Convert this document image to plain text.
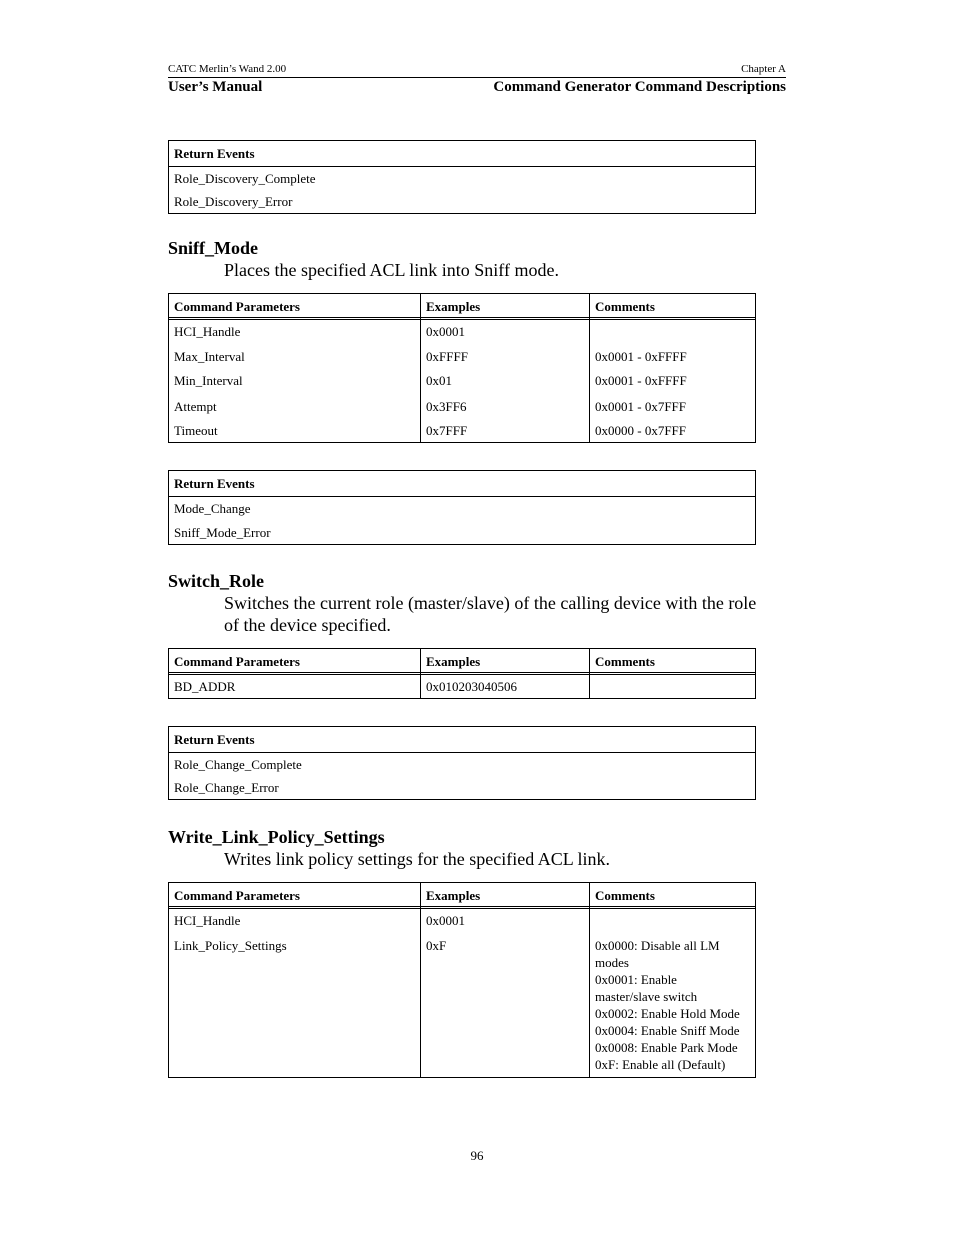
CATC Merlin’s Wand 2.00	Chapter A
User’s Manual	Command Generator Command Descriptions
Return Events
Role_Discovery_Complete
Role_Discovery_Error
Sniff_Mode
Places the specified ACL link into Sniff mode.
Command Parameters	Examples	Comments
HCI_Handle	0x0001
Max_Interval	0xFFFF	0x0001 - 0xFFFF
Min_Interval	0x01	0x0001 - 0xFFFF
Attempt	0x3FF6	0x0001 - 0x7FFF
Timeout	0x7FFF	0x0000 - 0x7FFF
Return Events
Mode_Change
Sniff_Mode_Error
Switch_Role
Switches the current role (master/slave) of the calling device with the role
of the device specified.
Command Parameters	Examples	Comments
BD_ADDR	0x010203040506
Return Events
Role_Change_Complete
Role_Change_Error
Write_Link_Policy_Settings
Writes link policy settings for the specified ACL link.
Command Parameters	Examples	Comments
HCI_Handle	0x0001
Link_Policy_Settings	0xF	0x0000: Disable all LM
modes
0x0001: Enable
master/slave switch
0x0002: Enable Hold Mode
0x0004: Enable Sniff Mode
0x0008: Enable Park Mode
0xF: Enable all (Default)
96
